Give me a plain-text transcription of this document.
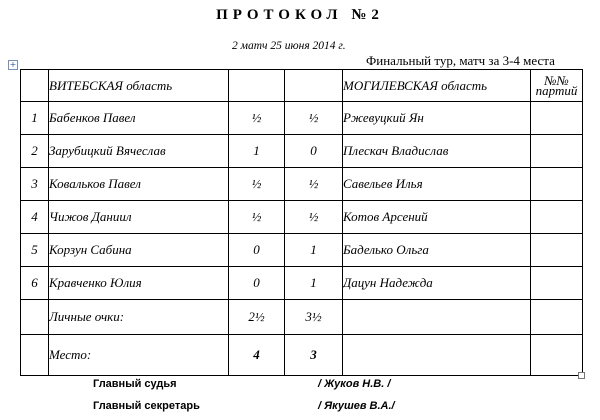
ПРОТОКОЛ №2
2 матч 25 июня 2014 г.
Финальный тур, матч за 3-4 места
+
	ВИТЕБСКАЯ область			МОГИЛЕВСКАЯ область	№№ партий
1	Бабенков Павел	½	½	Ржевуцкий Ян	
2	Зарубицкий Вячеслав	1	0	Плескач Владислав	
3	Ковальков Павел	½	½	Савельев Илья	
4	Чижов Даниил	½	½	Котов Арсений	
5	Корзун Сабина	0	1	Баделько Ольга	
6	Кравченко Юлия	0	1	Дацун Надежда	
	Личные очки:	2½	3½		
	Место:	4	3		
Главный судья	/ Жуков Н.В. /
Главный секретарь	/ Якушев В.А./
